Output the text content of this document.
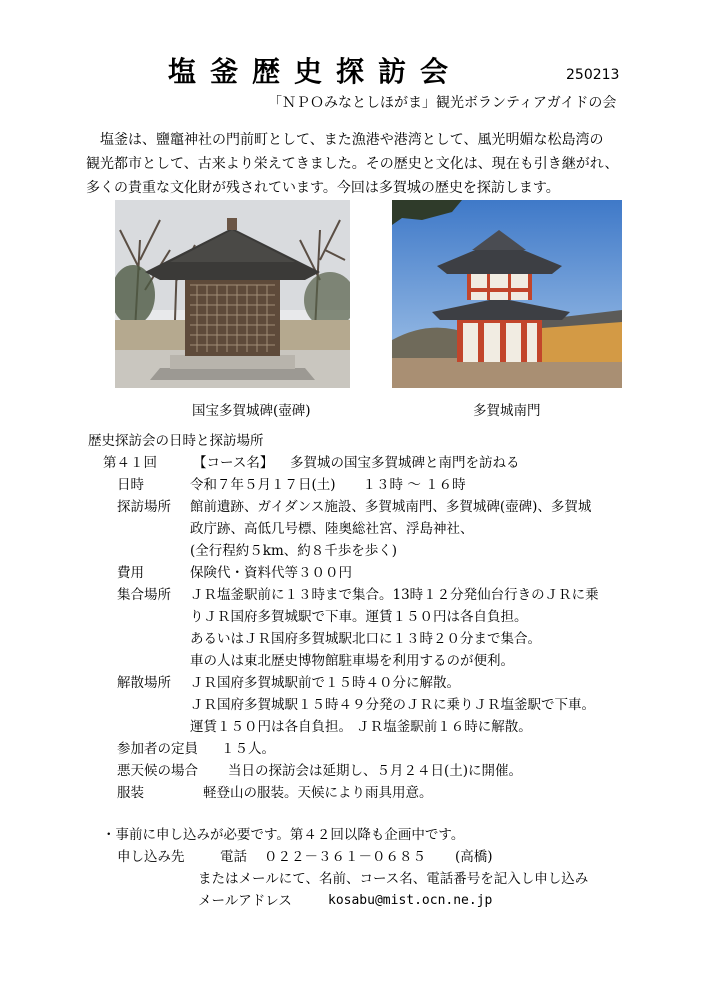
塩釜歴史探訪会	250213
「ＮＰＯみなとしほがま」観光ボランティアガイドの会
塩釜は、鹽竈神社の門前町として、また漁港や港湾として、風光明媚な松島湾の
観光都市として、古来より栄えてきました。その歴史と文化は、現在も引き継がれ、
多くの貴重な文化財が残されています。今回は多賀城の歴史を探訪します。
国宝多賀城碑(壺碑)	多賀城南門
歴史探訪会の日時と探訪場所
第４１回	【コース名】 多賀城の国宝多賀城碑と南門を訪ねる
日時	令和７年５月１７日(土)　　１３時 ～ １６時
探訪場所 館前遺跡、ガイダンス施設、多賀城南門、多賀城碑(壺碑)、多賀城
政庁跡、高低几号標、陸奥総社宮、浮島神社、
(全行程約５km、約８千歩を歩く)
費用	保険代・資料代等３００円
集合場所 ＪＲ塩釜駅前に１３時まで集合。13時１２分発仙台行きのＪＲに乗
りＪＲ国府多賀城駅で下車。運賃１５０円は各自負担。
あるいはＪＲ国府多賀城駅北口に１３時２０分まで集合。
車の人は東北歴史博物館駐車場を利用するのが便利。
解散場所 ＪＲ国府多賀城駅前で１５時４０分に解散。
ＪＲ国府多賀城駅１５時４９分発のＪＲに乗りＪＲ塩釜駅で下車。
運賃１５０円は各自負担。 ＪＲ塩釜駅前１６時に解散。
参加者の定員 １５人。
悪天候の場合 当日の探訪会は延期し、５月２４日(土)に開催。
服装	軽登山の服装。天候により雨具用意。
・事前に申し込みが必要です。第４２回以降も企画中です。
申し込み先	電話 ０２２－３６１－０６８５ (高橋)
またはメールにて、名前、コース名、電話番号を記入し申し込み
メールアドレス	kosabu@mist.ocn.ne.jp
